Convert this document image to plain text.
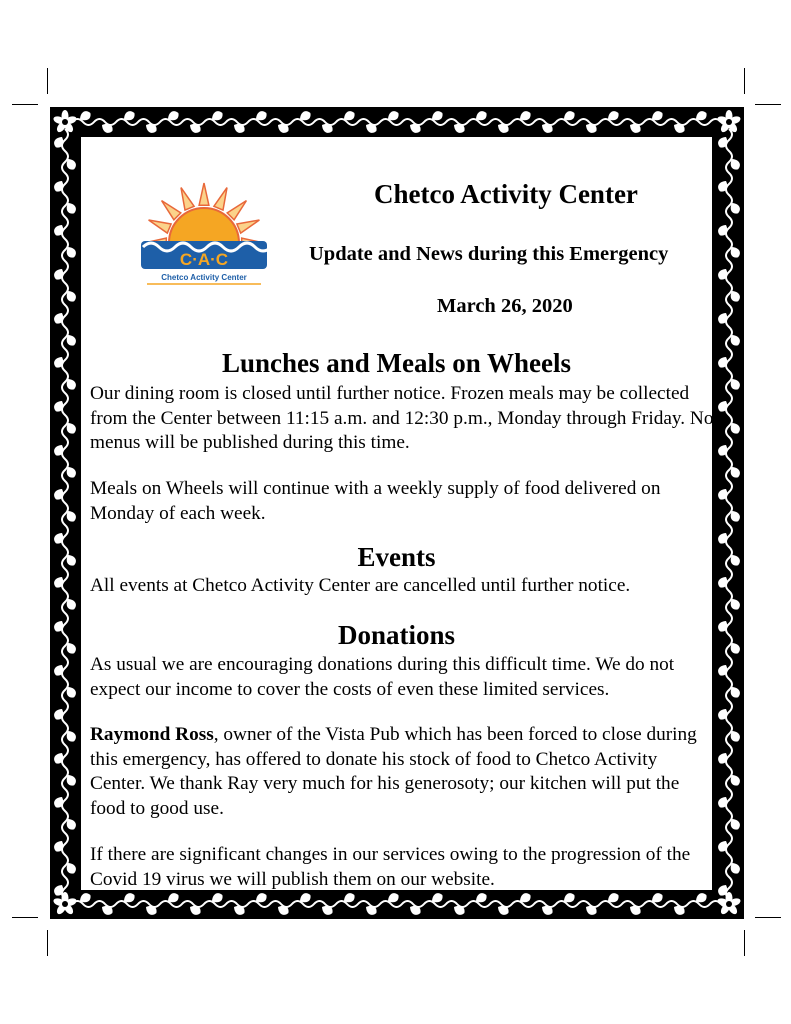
C·A·C
Chetco Activity Center
Chetco Activity Center
Update and News during this Emergency
March 26, 2020
Lunches and Meals on Wheels

Our dining room is closed until further notice. Frozen meals may be collected from the Center between 11:15 a.m. and 12:30 p.m., Monday through Friday. No menus will be published during this time.

Meals on Wheels will continue with a weekly supply of food delivered on Monday of each week.

Events

All events at Chetco Activity Center are cancelled until further notice.

Donations

As usual we are encouraging donations during this difficult time. We do not expect our income to cover the costs of even these limited services.

Raymond Ross, owner of the Vista Pub which has been forced to close during this emergency, has offered to donate his stock of food to Chetco Activity Center. We thank Ray very much for his generosoty; our kitchen will put the food to good use.

If there are significant changes in our services owing to the progression of the Covid 19 virus we will publish them on our website.
